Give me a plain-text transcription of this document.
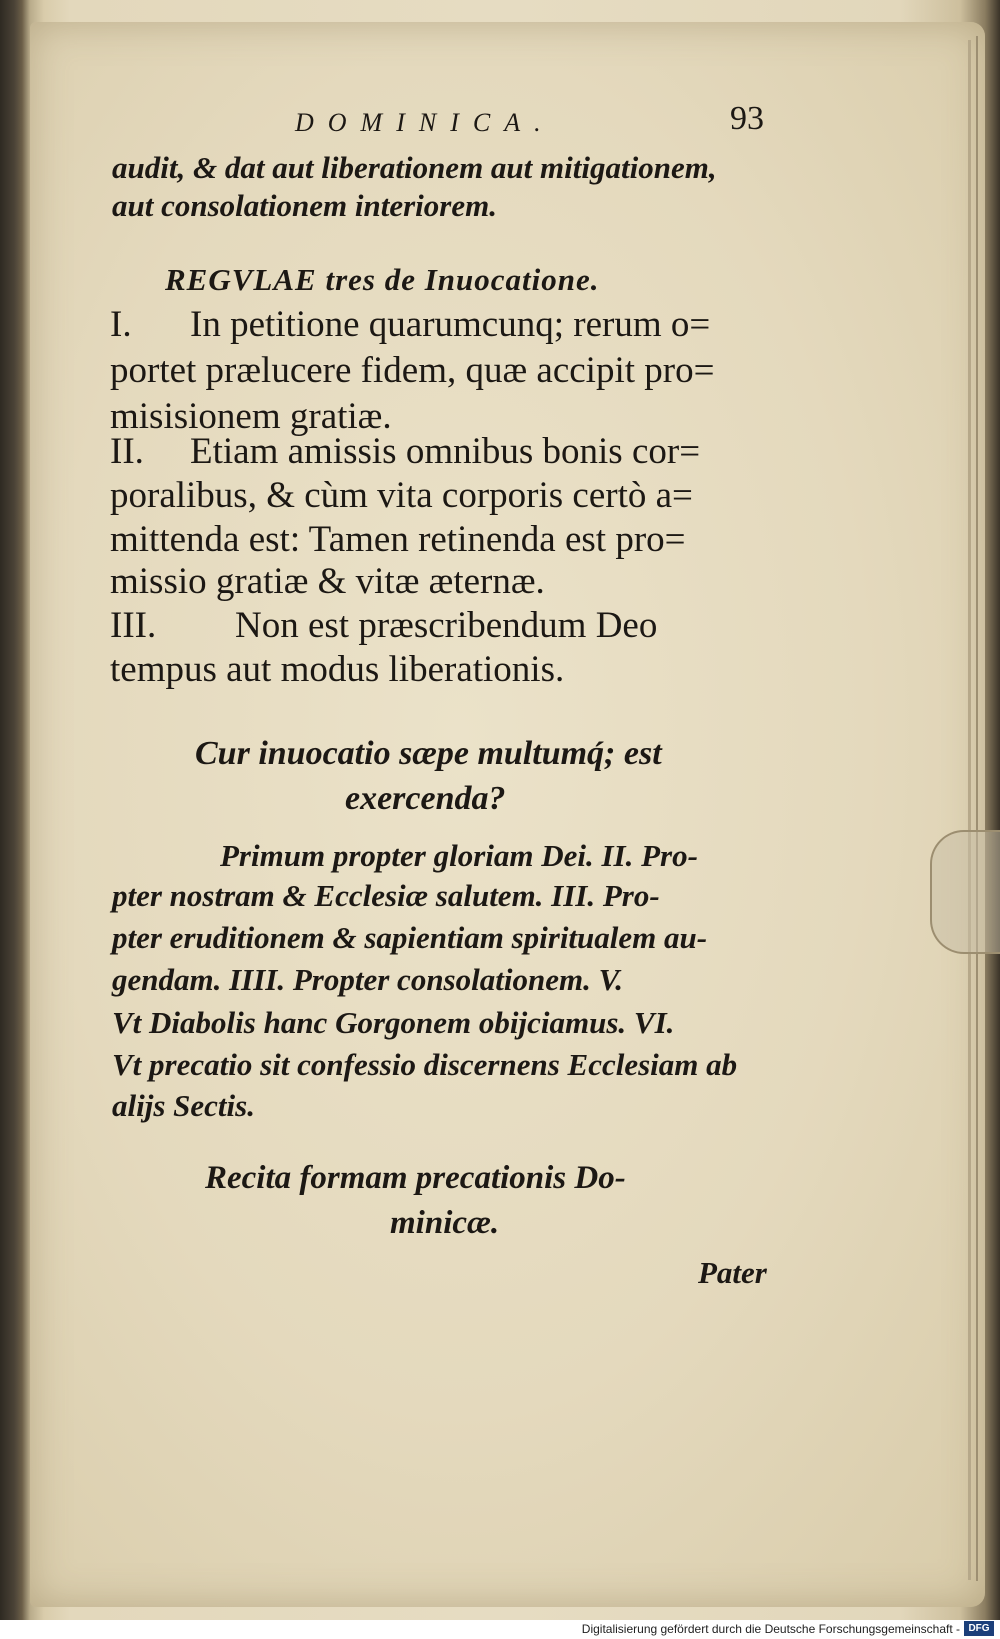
DOMINICA.	93
audit, & dat aut liberationem aut mitigationem,
aut consolationem interiorem.
REGVLAE tres de Inuocatione.
I. In petitione quarumcunq; rerum o=
portet prælucere fidem, quæ accipit pro=
misisionem gratiæ.
II. Etiam amissis omnibus bonis cor=
poralibus, & cùm vita corporis certò a=
mittenda est: Tamen retinenda est pro=
missio gratiæ & vitæ æternæ.
III. Non est præscribendum Deo
tempus aut modus liberationis.
Cur inuocatio sæpe multumq́; est
exercenda?
Primum propter gloriam Dei. II. Pro-
pter nostram & Ecclesiæ salutem. III. Pro-
pter eruditionem & sapientiam spiritualem au-
gendam. IIII. Propter consolationem. V.
Vt Diabolis hanc Gorgonem obijciamus. VI.
Vt precatio sit confessio discernens Ecclesiam ab
alijs Sectis.
Recita formam precationis Do-
minicæ.
Pater
Digitalisierung gefördert durch die Deutsche Forschungsgemeinschaft - DFG
